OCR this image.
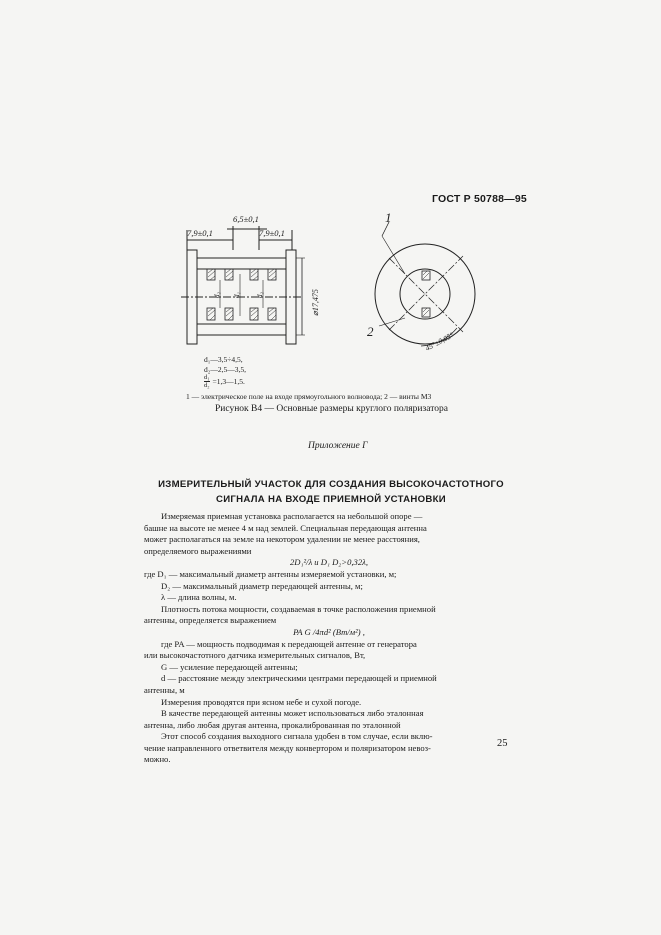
ГОСТ Р 50788—95
6,5±0,1
7,9±0,1	7,9±0,1
d₂ d₁ d₂	⌀17,475
1
2	45°±0,05°
d₁—3,5÷4,5,
d₂—2,5—3,5,
$\frac{\text{d₁}}{\text{d₂}}$ =1,3—1,5.
1 — электрическое поле на входе прямоугольного волновода; 2 — винты М3
Рисунок В4 — Основные размеры круглого поляризатора
Приложение Г
ИЗМЕРИТЕЛЬНЫЙ УЧАСТОК ДЛЯ СОЗДАНИЯ ВЫСОКОЧАСТОТНОГО
СИГНАЛА НА ВХОДЕ ПРИЕМНОЙ УСТАНОВКИ
Измеряемая приемная установка располагается на небольшой опоре —
башне на высоте не менее 4 м над землей. Специальная передающая антенна
может располагаться на земле на некотором удалении не менее расстояния,
определяемого выражениями
2D₁²/λ и D₁ D₂>0,32λ,
где D₁ — максимальный диаметр антенны измеряемой установки, м;
D₂ — максимальный диаметр передающей антенны, м;
λ — длина волны, м.
Плотность потока мощности, создаваемая в точке расположения приемной
антенны, определяется выражением
PA G /4πd² (Вт/м²) ,
где PA — мощность подводимая к передающей антенне от генератора
или высокочастотного датчика измерительных сигналов, Вт,
G — усиление передающей антенны;
d — расстояние между электрическими центрами передающей и приемной
антенны, м
Измерения проводятся при ясном небе и сухой погоде.
В качестве передающей антенны может использоваться либо эталонная
антенна, либо любая другая антенна, прокалиброванная по эталонной
Этот способ создания выходного сигнала удобен в том случае, если вклю-
чение направленного ответвителя между конвертором и поляризатором невоз-
можно.
25
